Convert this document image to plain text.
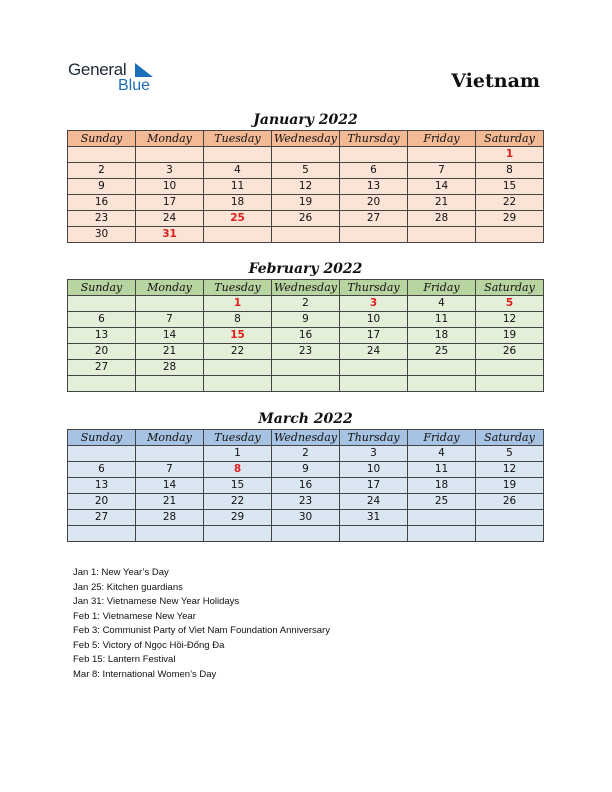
General
Blue	Vietnam
January 2022
Sunday	Monday	Tuesday	Wednesday	Thursday	Friday	Saturday
						1
2	3	4	5	6	7	8
9	10	11	12	13	14	15
16	17	18	19	20	21	22
23	24	25	26	27	28	29
30	31					
February 2022
Sunday	Monday	Tuesday	Wednesday	Thursday	Friday	Saturday
		1	2	3	4	5
6	7	8	9	10	11	12
13	14	15	16	17	18	19
20	21	22	23	24	25	26
27	28					

March 2022
Sunday	Monday	Tuesday	Wednesday	Thursday	Friday	Saturday
		1	2	3	4	5
6	7	8	9	10	11	12
13	14	15	16	17	18	19
20	21	22	23	24	25	26
27	28	29	30	31		

Jan 1: New Year’s Day
Jan 25: Kitchen guardians
Jan 31: Vietnamese New Year Holidays
Feb 1: Vietnamese New Year
Feb 3: Communist Party of Viet Nam Foundation Anniversary
Feb 5: Victory of Ngọc Hồi-Đống Đa
Feb 15: Lantern Festival
Mar 8: International Women’s Day
